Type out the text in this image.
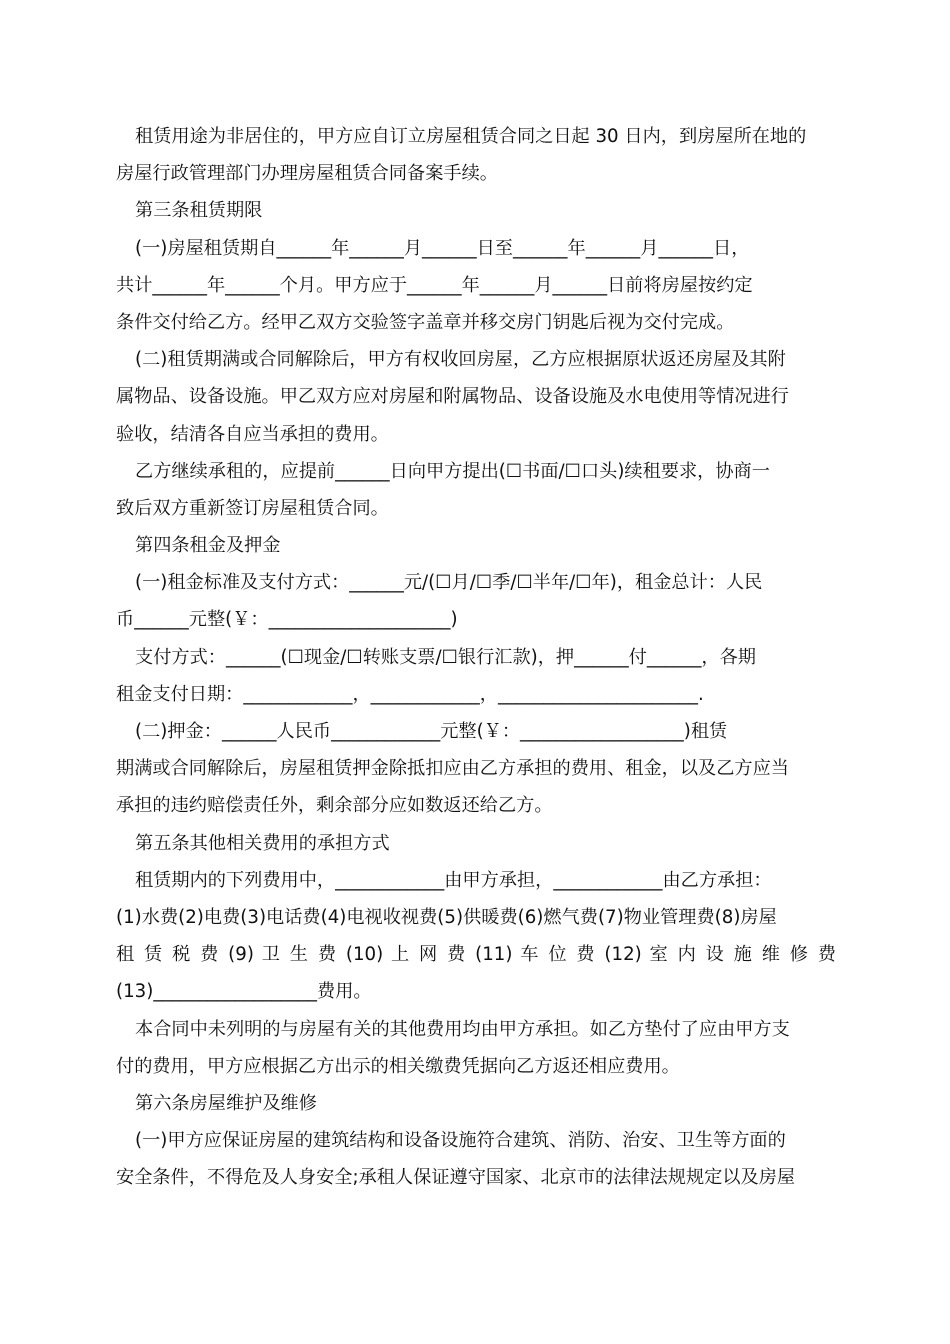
租赁用途为非居住的，甲方应自订立房屋租赁合同之日起 30 日内，到房屋所在地的
房屋行政管理部门办理房屋租赁合同备案手续。
第三条租赁期限
(一)房屋租赁期自______年______月______日至______年______月______日，
共计______年______个月。甲方应于______年______月______日前将房屋按约定
条件交付给乙方。经甲乙双方交验签字盖章并移交房门钥匙后视为交付完成。
(二)租赁期满或合同解除后，甲方有权收回房屋，乙方应根据原状返还房屋及其附
属物品、设备设施。甲乙双方应对房屋和附属物品、设备设施及水电使用等情况进行
验收，结清各自应当承担的费用。
乙方继续承租的，应提前______日向甲方提出(☐书面/☐口头)续租要求，协商一
致后双方重新签订房屋租赁合同。
第四条租金及押金
(一)租金标准及支付方式：______元/(☐月/☐季/☐半年/☐年)，租金总计：人民
币______元整(￥：____________________)
支付方式：______(☐现金/☐转账支票/☐银行汇款)，押______付______，各期
租金支付日期：____________，____________，______________________.
(二)押金：______人民币____________元整(￥：__________________)租赁
期满或合同解除后，房屋租赁押金除抵扣应由乙方承担的费用、租金，以及乙方应当
承担的违约赔偿责任外，剩余部分应如数返还给乙方。
第五条其他相关费用的承担方式
租赁期内的下列费用中，____________由甲方承担，____________由乙方承担：
(1)水费(2)电费(3)电话费(4)电视收视费(5)供暖费(6)燃气费(7)物业管理费(8)房屋
租 赁 税 费 (9) 卫 生 费 (10) 上 网 费 (11) 车 位 费 (12) 室 内 设 施 维 修 费
(13)__________________费用。
本合同中未列明的与房屋有关的其他费用均由甲方承担。如乙方垫付了应由甲方支
付的费用，甲方应根据乙方出示的相关缴费凭据向乙方返还相应费用。
第六条房屋维护及维修
(一)甲方应保证房屋的建筑结构和设备设施符合建筑、消防、治安、卫生等方面的
安全条件，不得危及人身安全;承租人保证遵守国家、北京市的法律法规规定以及房屋
